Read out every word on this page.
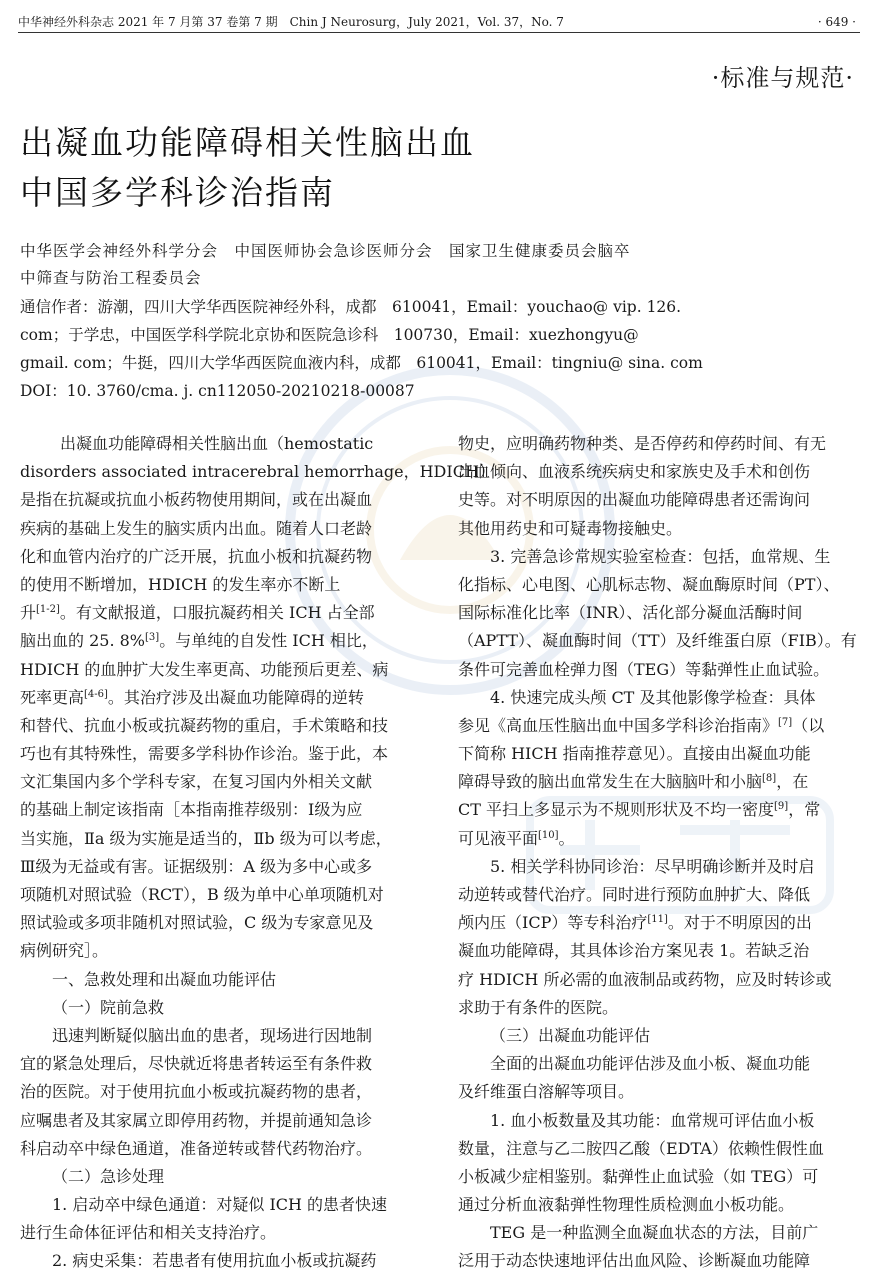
中华神经外科杂志 2021 年 7 月第 37 卷第 7 期　Chin J Neurosurg，July 2021，Vol. 37，No. 7	· 649 ·
·标准与规范·
出凝血功能障碍相关性脑出血
中国多学科诊治指南
中华医学会神经外科学分会　中国医师协会急诊医师分会　国家卫生健康委员会脑卒
中筛查与防治工程委员会
通信作者：游潮，四川大学华西医院神经外科，成都　610041，Email：youchao@ vip. 126.
com；于学忠，中国医学科学院北京协和医院急诊科　100730，Email：xuezhongyu@
gmail. com；牛挺，四川大学华西医院血液内科，成都　610041，Email：tingniu@ sina. com
DOI：10. 3760/cma. j. cn112050-20210218-00087
出凝血功能障碍相关性脑出血（hemostatic
disorders associated intracerebral hemorrhage，HDICH）
是指在抗凝或抗血小板药物使用期间，或在出凝血
疾病的基础上发生的脑实质内出血。随着人口老龄
化和血管内治疗的广泛开展，抗血小板和抗凝药物
的使用不断增加，HDICH 的发生率亦不断上
升[1-2]。有文献报道，口服抗凝药相关 ICH 占全部
脑出血的 25. 8%[3]。与单纯的自发性 ICH 相比，
HDICH 的血肿扩大发生率更高、功能预后更差、病
死率更高[4-6]。其治疗涉及出凝血功能障碍的逆转
和替代、抗血小板或抗凝药物的重启，手术策略和技
巧也有其特殊性，需要多学科协作诊治。鉴于此，本
文汇集国内多个学科专家，在复习国内外相关文献
的基础上制定该指南［本指南推荐级别：Ⅰ级为应
当实施，Ⅱa 级为实施是适当的，Ⅱb 级为可以考虑，
Ⅲ级为无益或有害。证据级别：A 级为多中心或多
项随机对照试验（RCT），B 级为单中心单项随机对
照试验或多项非随机对照试验，C 级为专家意见及
病例研究］。
一、急救处理和出凝血功能评估
（一）院前急救
迅速判断疑似脑出血的患者，现场进行因地制
宜的紧急处理后，尽快就近将患者转运至有条件救
治的医院。对于使用抗血小板或抗凝药物的患者，
应嘱患者及其家属立即停用药物，并提前通知急诊
科启动卒中绿色通道，准备逆转或替代药物治疗。
（二）急诊处理
1. 启动卒中绿色通道：对疑似 ICH 的患者快速
进行生命体征评估和相关支持治疗。
2. 病史采集：若患者有使用抗血小板或抗凝药
物史，应明确药物种类、是否停药和停药时间、有无
出血倾向、血液系统疾病史和家族史及手术和创伤
史等。对不明原因的出凝血功能障碍患者还需询问
其他用药史和可疑毒物接触史。
3. 完善急诊常规实验室检查：包括，血常规、生
化指标、心电图、心肌标志物、凝血酶原时间（PT）、
国际标准化比率（INR）、活化部分凝血活酶时间
（APTT）、凝血酶时间（TT）及纤维蛋白原（FIB）。有
条件可完善血栓弹力图（TEG）等黏弹性止血试验。
4. 快速完成头颅 CT 及其他影像学检查：具体
参见《高血压性脑出血中国多学科诊治指南》[7]（以
下简称 HICH 指南推荐意见）。直接由出凝血功能
障碍导致的脑出血常发生在大脑脑叶和小脑[8]，在
CT 平扫上多显示为不规则形状及不均一密度[9]，常
可见液平面[10]。
5. 相关学科协同诊治：尽早明确诊断并及时启
动逆转或替代治疗。同时进行预防血肿扩大、降低
颅内压（ICP）等专科治疗[11]。对于不明原因的出
凝血功能障碍，其具体诊治方案见表 1。若缺乏治
疗 HDICH 所必需的血液制品或药物，应及时转诊或
求助于有条件的医院。
（三）出凝血功能评估
全面的出凝血功能评估涉及血小板、凝血功能
及纤维蛋白溶解等项目。
1. 血小板数量及其功能：血常规可评估血小板
数量，注意与乙二胺四乙酸（EDTA）依赖性假性血
小板减少症相鉴别。黏弹性止血试验（如 TEG）可
通过分析血液黏弹性物理性质检测血小板功能。
TEG 是一种监测全血凝血状态的方法，目前广
泛用于动态快速地评估出血风险、诊断凝血功能障
